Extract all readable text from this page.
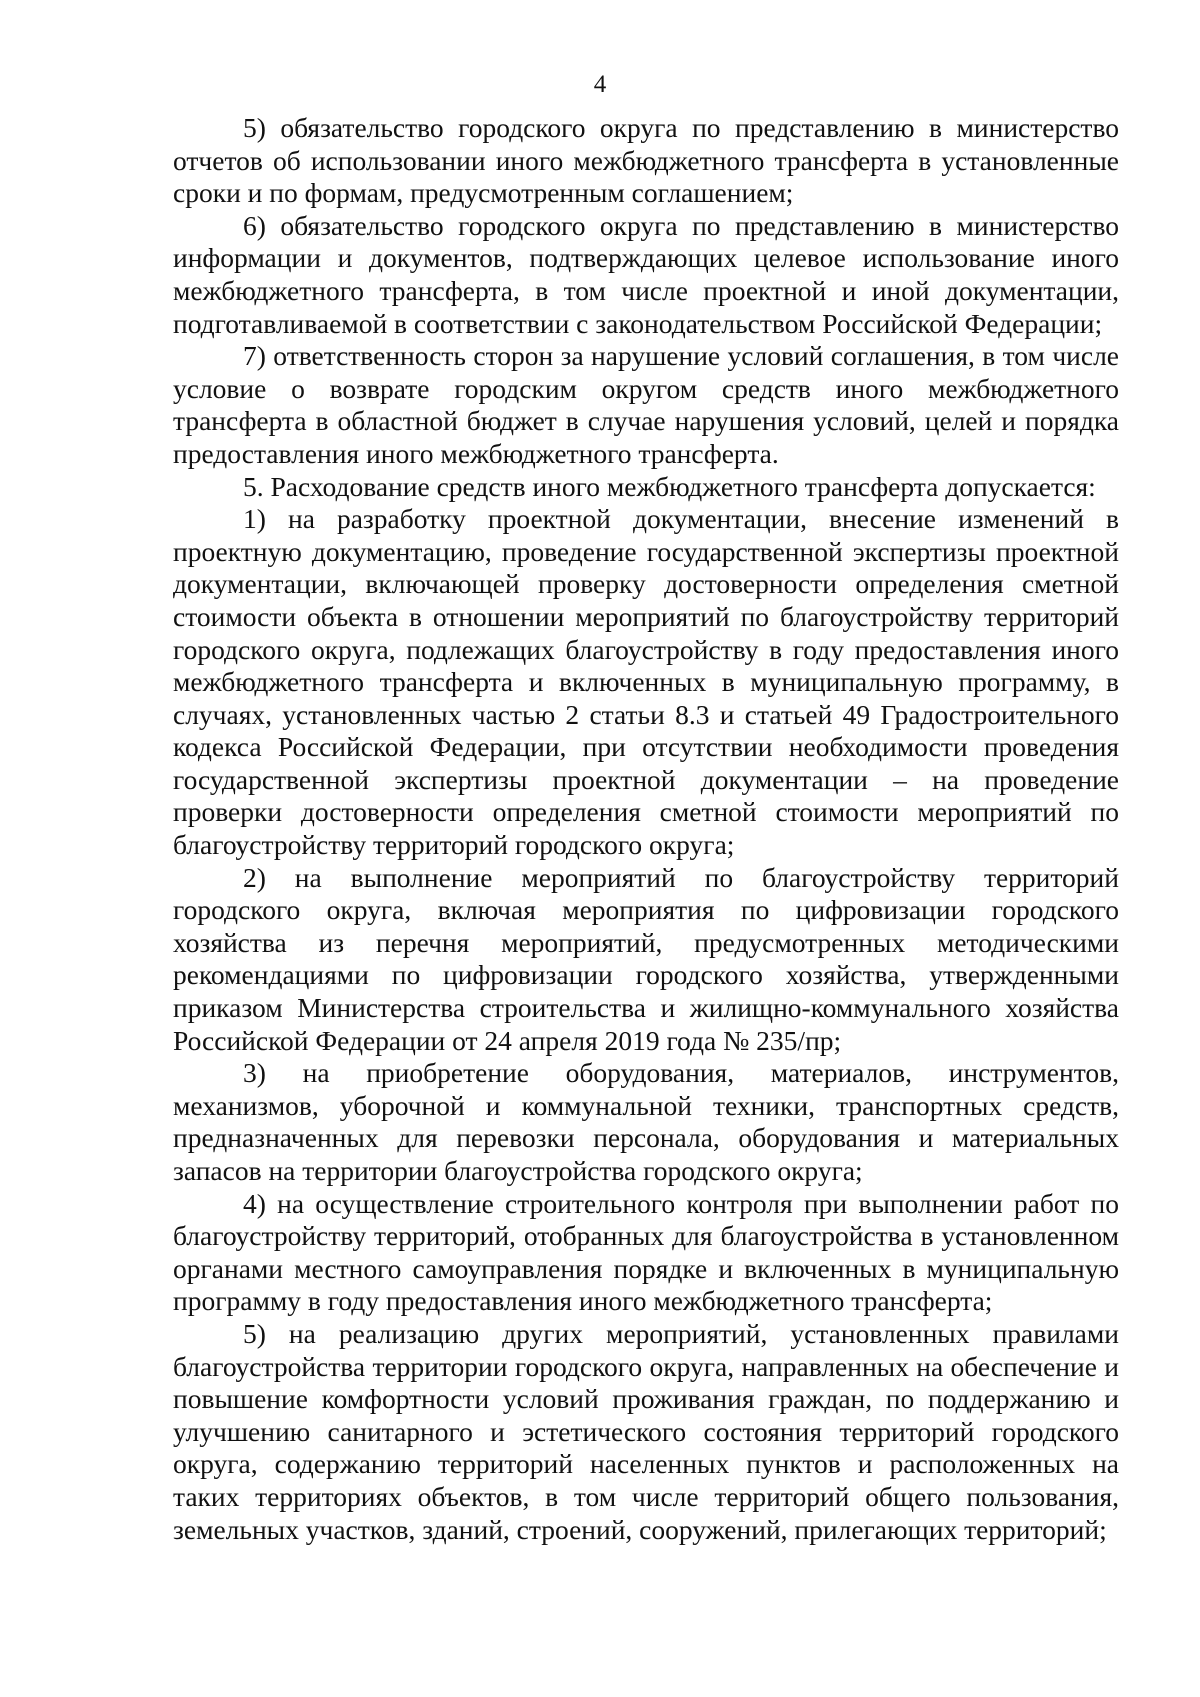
4

5) обязательство городского округа по представлению в министерство отчетов об использовании иного межбюджетного трансферта в установленные сроки и по формам, предусмотренным соглашением;

6) обязательство городского округа по представлению в министерство информации и документов, подтверждающих целевое использование иного межбюджетного трансферта, в том числе проектной и иной документации, подготавливаемой в соответствии с законодательством Российской Федерации;

7) ответственность сторон за нарушение условий соглашения, в том числе условие о возврате городским округом средств иного межбюджетного трансферта в областной бюджет в случае нарушения условий, целей и порядка предоставления иного межбюджетного трансферта.

5. Расходование средств иного межбюджетного трансферта допускается:

1) на разработку проектной документации, внесение изменений в проектную документацию, проведение государственной экспертизы проектной документации, включающей проверку достоверности определения сметной стоимости объекта в отношении мероприятий по благоустройству территорий городского округа, подлежащих благоустройству в году предоставления иного межбюджетного трансферта и включенных в муниципальную программу, в случаях, установленных частью 2 статьи 8.3 и статьей 49 Градостроительного кодекса Российской Федерации, при отсутствии необходимости проведения государственной экспертизы проектной документации – на проведение проверки достоверности определения сметной стоимости мероприятий по благоустройству территорий городского округа;

2) на выполнение мероприятий по благоустройству территорий городского округа, включая мероприятия по цифровизации городского хозяйства из перечня мероприятий, предусмотренных методическими рекомендациями по цифровизации городского хозяйства, утвержденными приказом Министерства строительства и жилищно-коммунального хозяйства Российской Федерации от 24 апреля 2019 года № 235/пр;

3) на приобретение оборудования, материалов, инструментов, механизмов, уборочной и коммунальной техники, транспортных средств, предназначенных для перевозки персонала, оборудования и материальных запасов на территории благоустройства городского округа;

4) на осуществление строительного контроля при выполнении работ по благоустройству территорий, отобранных для благоустройства в установленном органами местного самоуправления порядке и включенных в муниципальную программу в году предоставления иного межбюджетного трансферта;

5) на реализацию других мероприятий, установленных правилами благоустройства территории городского округа, направленных на обеспечение и повышение комфортности условий проживания граждан, по поддержанию и улучшению санитарного и эстетического состояния территорий городского округа, содержанию территорий населенных пунктов и расположенных на таких территориях объектов, в том числе территорий общего пользования, земельных участков, зданий, строений, сооружений, прилегающих территорий;
